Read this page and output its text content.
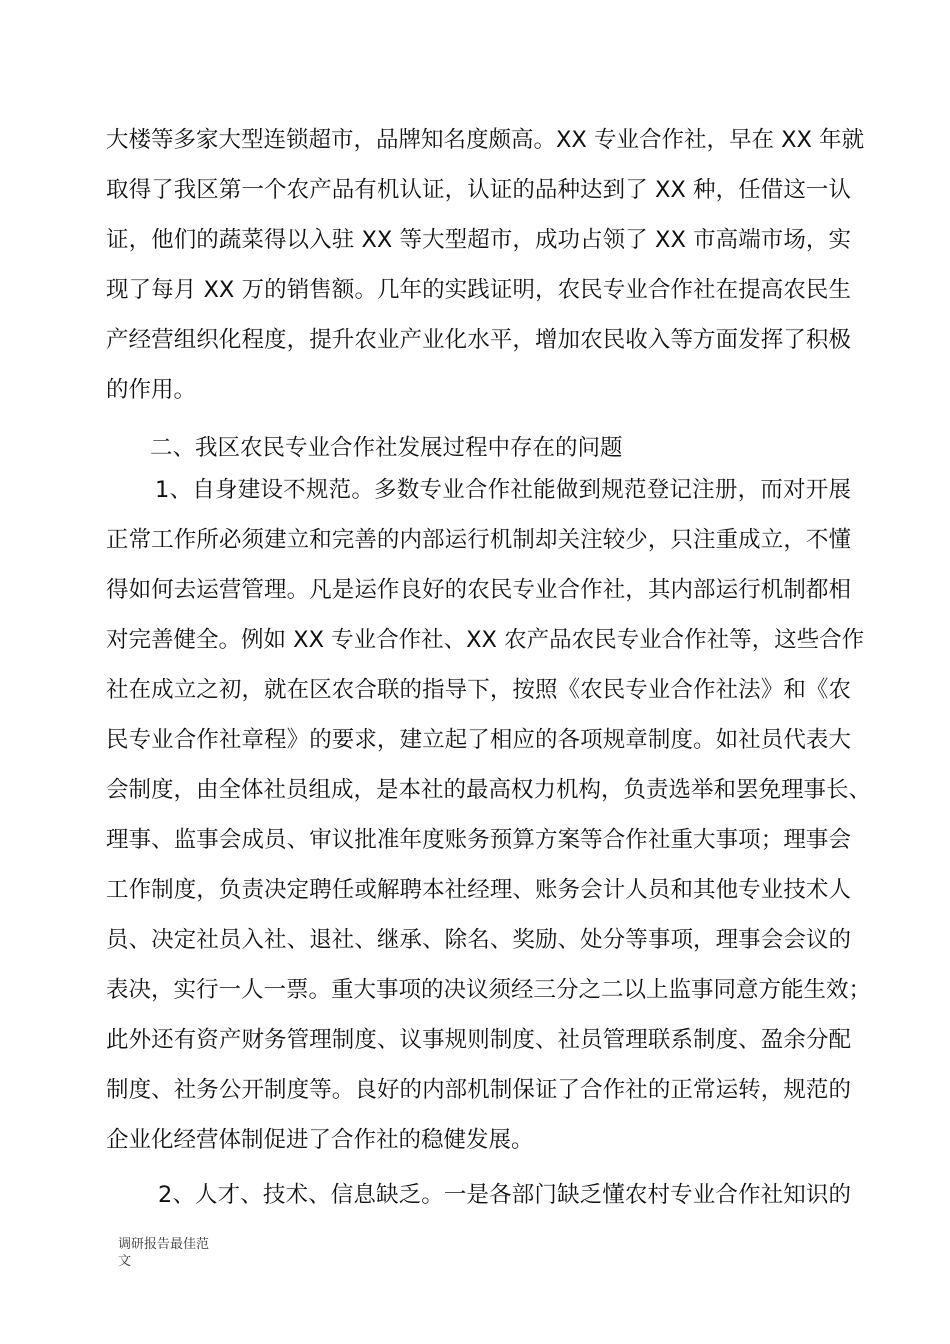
大楼等多家大型连锁超市，品牌知名度颇高。XX 专业合作社，早在 XX 年就
取得了我区第一个农产品有机认证，认证的品种达到了 XX 种，任借这一认
证，他们的蔬菜得以入驻 XX 等大型超市，成功占领了 XX 市高端市场，实
现了每月 XX 万的销售额。几年的实践证明，农民专业合作社在提高农民生
产经营组织化程度，提升农业产业化水平，增加农民收入等方面发挥了积极
的作用。
二、我区农民专业合作社发展过程中存在的问题
1、自身建设不规范。多数专业合作社能做到规范登记注册，而对开展
正常工作所必须建立和完善的内部运行机制却关注较少，只注重成立，不懂
得如何去运营管理。凡是运作良好的农民专业合作社，其内部运行机制都相
对完善健全。例如 XX 专业合作社、XX 农产品农民专业合作社等，这些合作
社在成立之初，就在区农合联的指导下，按照《农民专业合作社法》和《农
民专业合作社章程》的要求，建立起了相应的各项规章制度。如社员代表大
会制度，由全体社员组成，是本社的最高权力机构，负责选举和罢免理事长、
理事、监事会成员、审议批准年度账务预算方案等合作社重大事项；理事会
工作制度，负责决定聘任或解聘本社经理、账务会计人员和其他专业技术人
员、决定社员入社、退社、继承、除名、奖励、处分等事项，理事会会议的
表决，实行一人一票。重大事项的决议须经三分之二以上监事同意方能生效；
此外还有资产财务管理制度、议事规则制度、社员管理联系制度、盈余分配
制度、社务公开制度等。良好的内部机制保证了合作社的正常运转，规范的
企业化经营体制促进了合作社的稳健发展。
2、人才、技术、信息缺乏。一是各部门缺乏懂农村专业合作社知识的
调研报告最佳范
文
